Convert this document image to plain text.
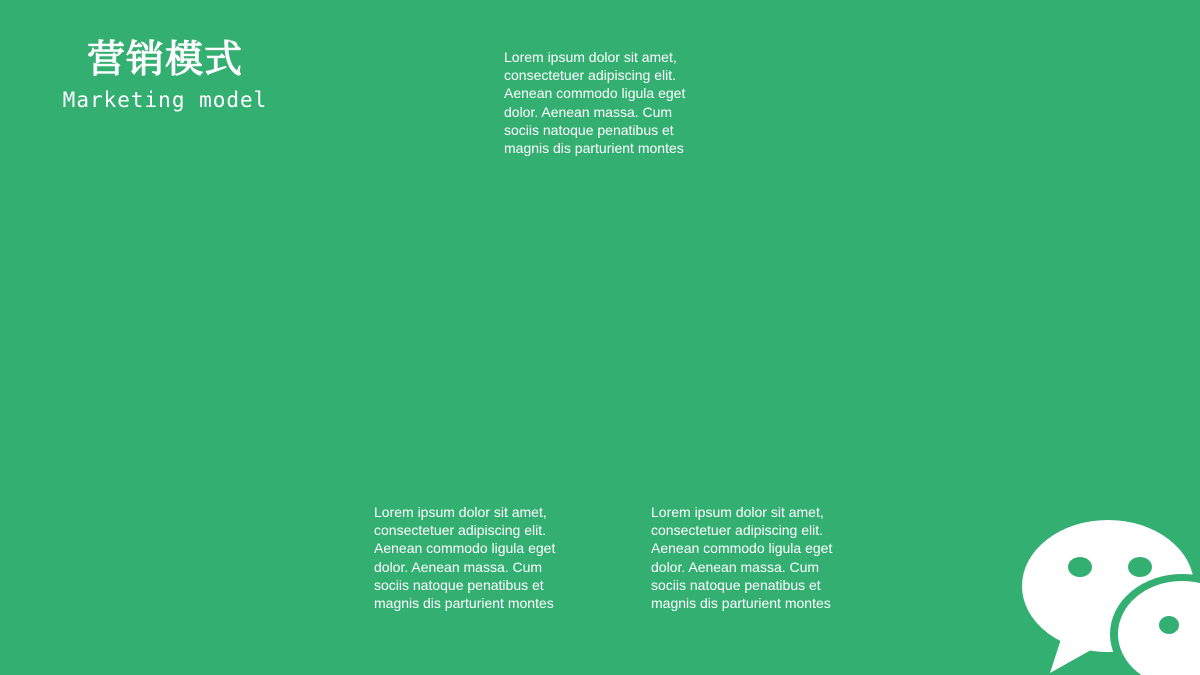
营销模式
Marketing model
Lorem ipsum dolor sit amet,
consectetuer adipiscing elit.
Aenean commodo ligula eget
dolor. Aenean massa. Cum
sociis natoque penatibus et
magnis dis parturient montes
Lorem ipsum dolor sit amet,
consectetuer adipiscing elit.
Aenean commodo ligula eget
dolor. Aenean massa. Cum
sociis natoque penatibus et
magnis dis parturient montes
Lorem ipsum dolor sit amet,
consectetuer adipiscing elit.
Aenean commodo ligula eget
dolor. Aenean massa. Cum
sociis natoque penatibus et
magnis dis parturient montes
